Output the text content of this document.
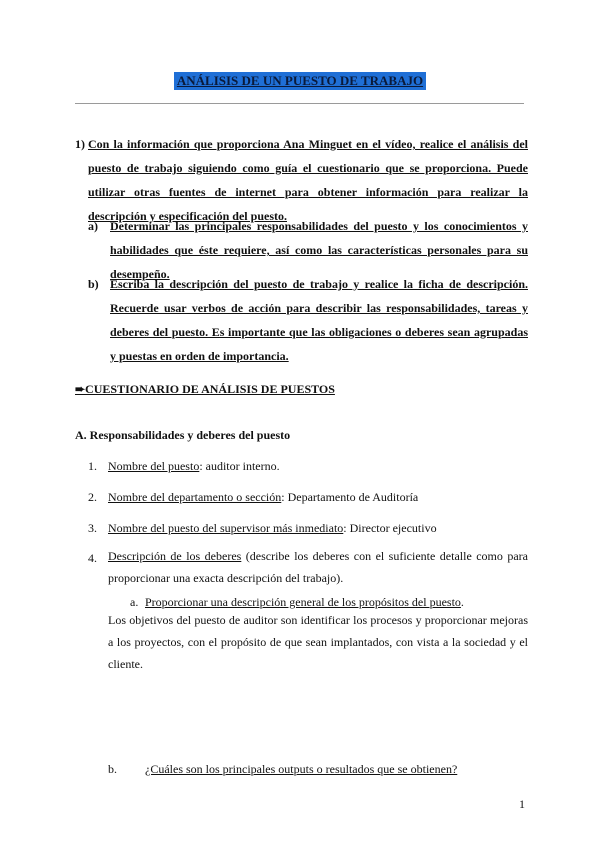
ANÁLISIS DE UN PUESTO DE TRABAJO
1) Con la información que proporciona Ana Minguet en el vídeo, realice el análisis del puesto de trabajo siguiendo como guía el cuestionario que se proporciona. Puede utilizar otras fuentes de internet para obtener información para realizar la descripción y especificación del puesto.
a) Determinar las principales responsabilidades del puesto y los conocimientos y habilidades que éste requiere, así como las características personales para su desempeño.
b) Escriba la descripción del puesto de trabajo y realice la ficha de descripción. Recuerde usar verbos de acción para describir las responsabilidades, tareas y deberes del puesto. Es importante que las obligaciones o deberes sean agrupadas y puestas en orden de importancia.
➨CUESTIONARIO DE ANÁLISIS DE PUESTOS
A. Responsabilidades y deberes del puesto
1. Nombre del puesto: auditor interno.
2. Nombre del departamento o sección: Departamento de Auditoría
3. Nombre del puesto del supervisor más inmediato: Director ejecutivo
4. Descripción de los deberes (describe los deberes con el suficiente detalle como para proporcionar una exacta descripción del trabajo).
a. Proporcionar una descripción general de los propósitos del puesto.
Los objetivos del puesto de auditor son identificar los procesos y proporcionar mejoras a los proyectos, con el propósito de que sean implantados, con vista a la sociedad y el cliente.
b. ¿Cuáles son los principales outputs o resultados que se obtienen?
1
